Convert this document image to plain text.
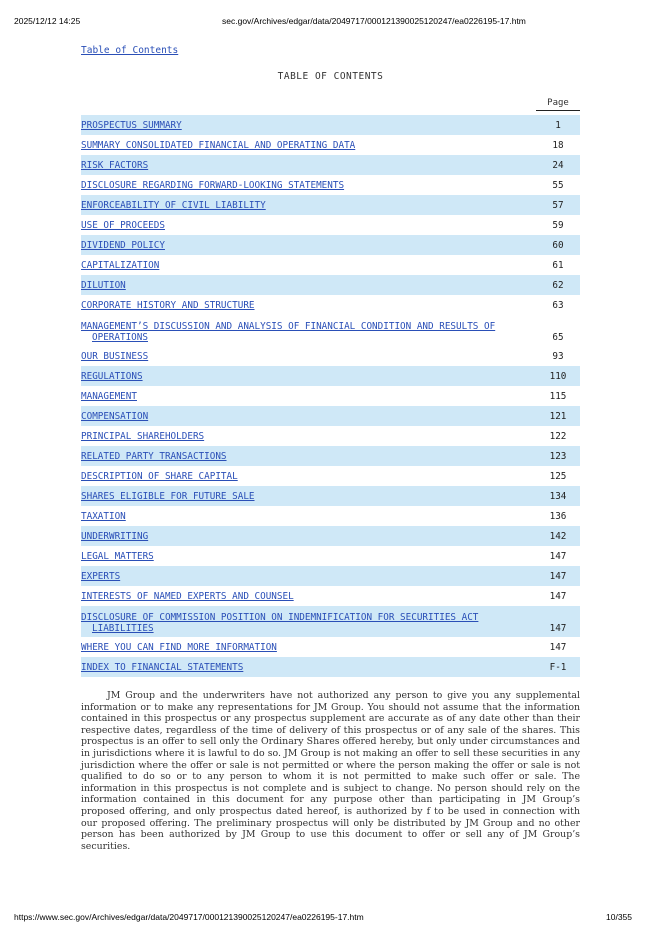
2025/12/12 14:25	sec.gov/Archives/edgar/data/2049717/000121390025120247/ea0226195-17.htm
Table of Contents
TABLE OF CONTENTS
Page
PROSPECTUS SUMMARY	1
SUMMARY CONSOLIDATED FINANCIAL AND OPERATING DATA	18
RISK FACTORS	24
DISCLOSURE REGARDING FORWARD-LOOKING STATEMENTS	55
ENFORCEABILITY OF CIVIL LIABILITY	57
USE OF PROCEEDS	59
DIVIDEND POLICY	60
CAPITALIZATION	61
DILUTION	62
CORPORATE HISTORY AND STRUCTURE	63
MANAGEMENT’S DISCUSSION AND ANALYSIS OF FINANCIAL CONDITION AND RESULTS OF
OPERATIONS	65
OUR BUSINESS	93
REGULATIONS	110
MANAGEMENT	115
COMPENSATION	121
PRINCIPAL SHAREHOLDERS	122
RELATED PARTY TRANSACTIONS	123
DESCRIPTION OF SHARE CAPITAL	125
SHARES ELIGIBLE FOR FUTURE SALE	134
TAXATION	136
UNDERWRITING	142
LEGAL MATTERS	147
EXPERTS	147
INTERESTS OF NAMED EXPERTS AND COUNSEL	147
DISCLOSURE OF COMMISSION POSITION ON INDEMNIFICATION FOR SECURITIES ACT
LIABILITIES	147
WHERE YOU CAN FIND MORE INFORMATION	147
INDEX TO FINANCIAL STATEMENTS	F-1

JM Group and the underwriters have not authorized any person to give you any supplemental information or to make any representations for JM Group. You should not assume that the information contained in this prospectus or any prospectus supplement are accurate as of any date other than their respective dates, regardless of the time of delivery of this prospectus or of any sale of the shares. This prospectus is an offer to sell only the Ordinary Shares offered hereby, but only under circumstances and in jurisdictions where it is lawful to do so. JM Group is not making an offer to sell these securities in any jurisdiction where the offer or sale is not permitted or where the person making the offer or sale is not qualified to do so or to any person to whom it is not permitted to make such offer or sale. The information in this prospectus is not complete and is subject to change. No person should rely on the information contained in this document for any purpose other than participating in JM Group’s proposed offering, and only prospectus dated hereof, is authorized by f to be used in connection with our proposed offering. The preliminary prospectus will only be distributed by JM Group and no other person has been authorized by JM Group to use this document to offer or sell any of JM Group’s securities.

https://www.sec.gov/Archives/edgar/data/2049717/000121390025120247/ea0226195-17.htm	10/355
